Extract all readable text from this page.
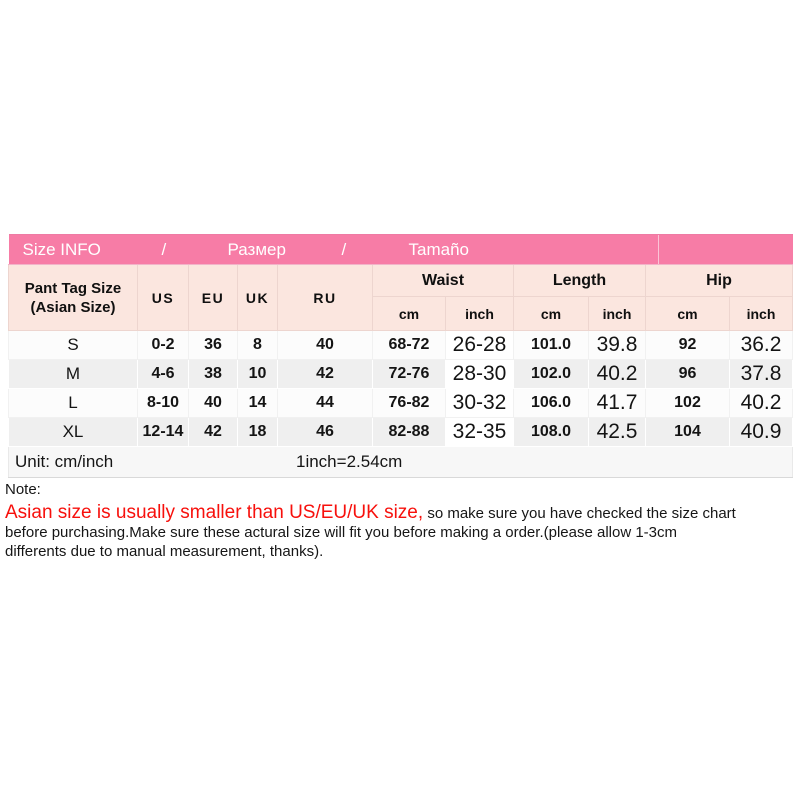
Size INFO / Размер / Tamaño										

Pant Tag Size
(Asian Size)	US	EU	UK	RU	Waist		Length		Hip	
					cm	inch	cm	inch	cm	inch
S	0-2	36	8	40	68-72	26-28	101.0	39.8	92	36.2
M	4-6	38	10	42	72-76	28-30	102.0	40.2	96	37.8
L	8-10	40	14	44	76-82	30-32	106.0	41.7	102	40.2
XL	12-14	42	18	46	82-88	32-35	108.0	42.5	104	40.9

Unit: cm/inch 1inch=2.54cm										
Note:
Asian size is usually smaller than US/EU/UK size, so make sure you have checked the size chart
before purchasing.Make sure these actural size will fit you before making a order.(please allow 1-3cm
differents due to manual measurement, thanks).
